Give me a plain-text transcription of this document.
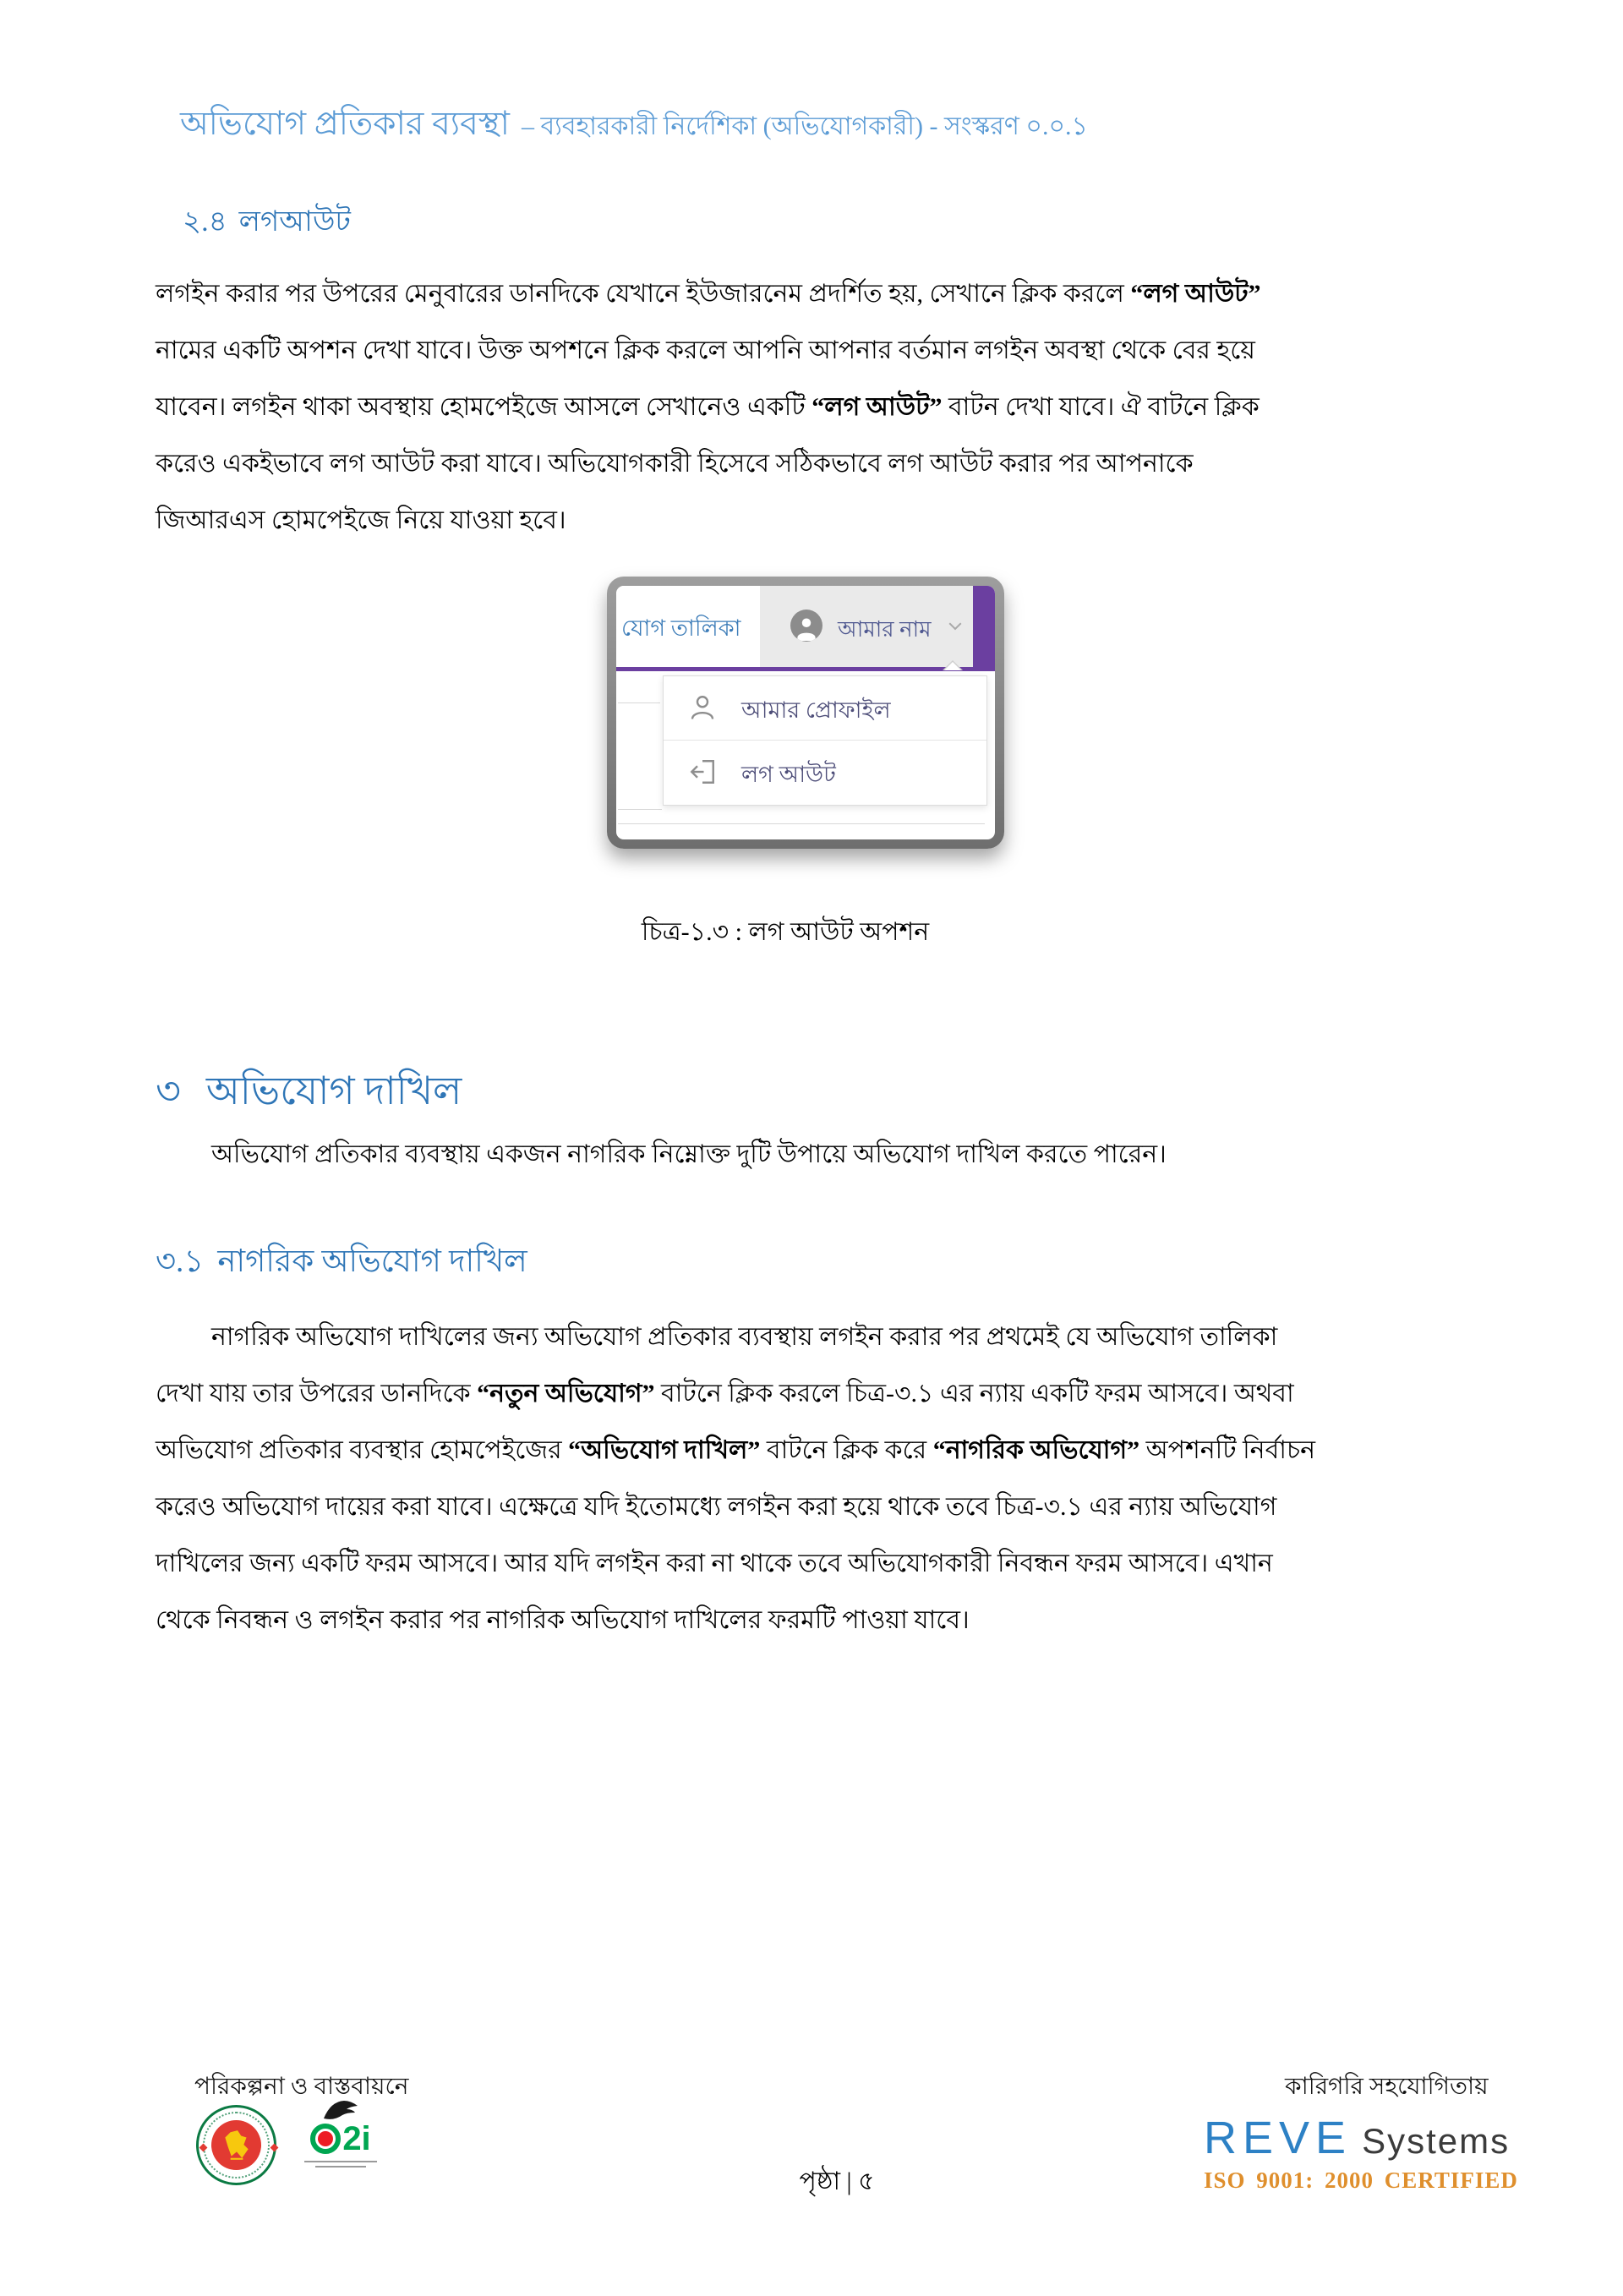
অভিযোগ প্রতিকার ব্যবস্থা – ব্যবহারকারী নির্দেশিকা (অভিযোগকারী) - সংস্করণ ০.০.১
২.৪ লগআউট
লগইন করার পর উপরের মেনুবারের ডানদিকে যেখানে ইউজারনেম প্রদর্শিত হয়, সেখানে ক্লিক করলে “লগ আউট”
নামের একটি অপশন দেখা যাবে। উক্ত অপশনে ক্লিক করলে আপনি আপনার বর্তমান লগইন অবস্থা থেকে বের হয়ে
যাবেন। লগইন থাকা অবস্থায় হোমপেইজে আসলে সেখানেও একটি “লগ আউট” বাটন দেখা যাবে। ঐ বাটনে ক্লিক
করেও একইভাবে লগ আউট করা যাবে। অভিযোগকারী হিসেবে সঠিকভাবে লগ আউট করার পর আপনাকে
জিআরএস হোমপেইজে নিয়ে যাওয়া হবে।
যোগ তালিকা	আমার নাম
আমার প্রোফাইল
লগ আউট
চিত্র-১.৩ : লগ আউট অপশন
৩ অভিযোগ দাখিল
অভিযোগ প্রতিকার ব্যবস্থায় একজন নাগরিক নিম্নোক্ত দুটি উপায়ে অভিযোগ দাখিল করতে পারেন।
৩.১ নাগরিক অভিযোগ দাখিল
নাগরিক অভিযোগ দাখিলের জন্য অভিযোগ প্রতিকার ব্যবস্থায় লগইন করার পর প্রথমেই যে অভিযোগ তালিকা
দেখা যায় তার উপরের ডানদিকে “নতুন অভিযোগ” বাটনে ক্লিক করলে চিত্র-৩.১ এর ন্যায় একটি ফরম আসবে। অথবা
অভিযোগ প্রতিকার ব্যবস্থার হোমপেইজের “অভিযোগ দাখিল” বাটনে ক্লিক করে “নাগরিক অভিযোগ” অপশনটি নির্বাচন
করেও অভিযোগ দায়ের করা যাবে। এক্ষেত্রে যদি ইতোমধ্যে লগইন করা হয়ে থাকে তবে চিত্র-৩.১ এর ন্যায় অভিযোগ
দাখিলের জন্য একটি ফরম আসবে। আর যদি লগইন করা না থাকে তবে অভিযোগকারী নিবন্ধন ফরম আসবে। এখান
থেকে নিবন্ধন ও লগইন করার পর নাগরিক অভিযোগ দাখিলের ফরমটি পাওয়া যাবে।
পরিকল্পনা ও বাস্তবায়নে
2i
পৃষ্ঠা | ৫
কারিগরি সহযোগিতায়
REVE Systems
ISO 9001: 2000 CERTIFIED
